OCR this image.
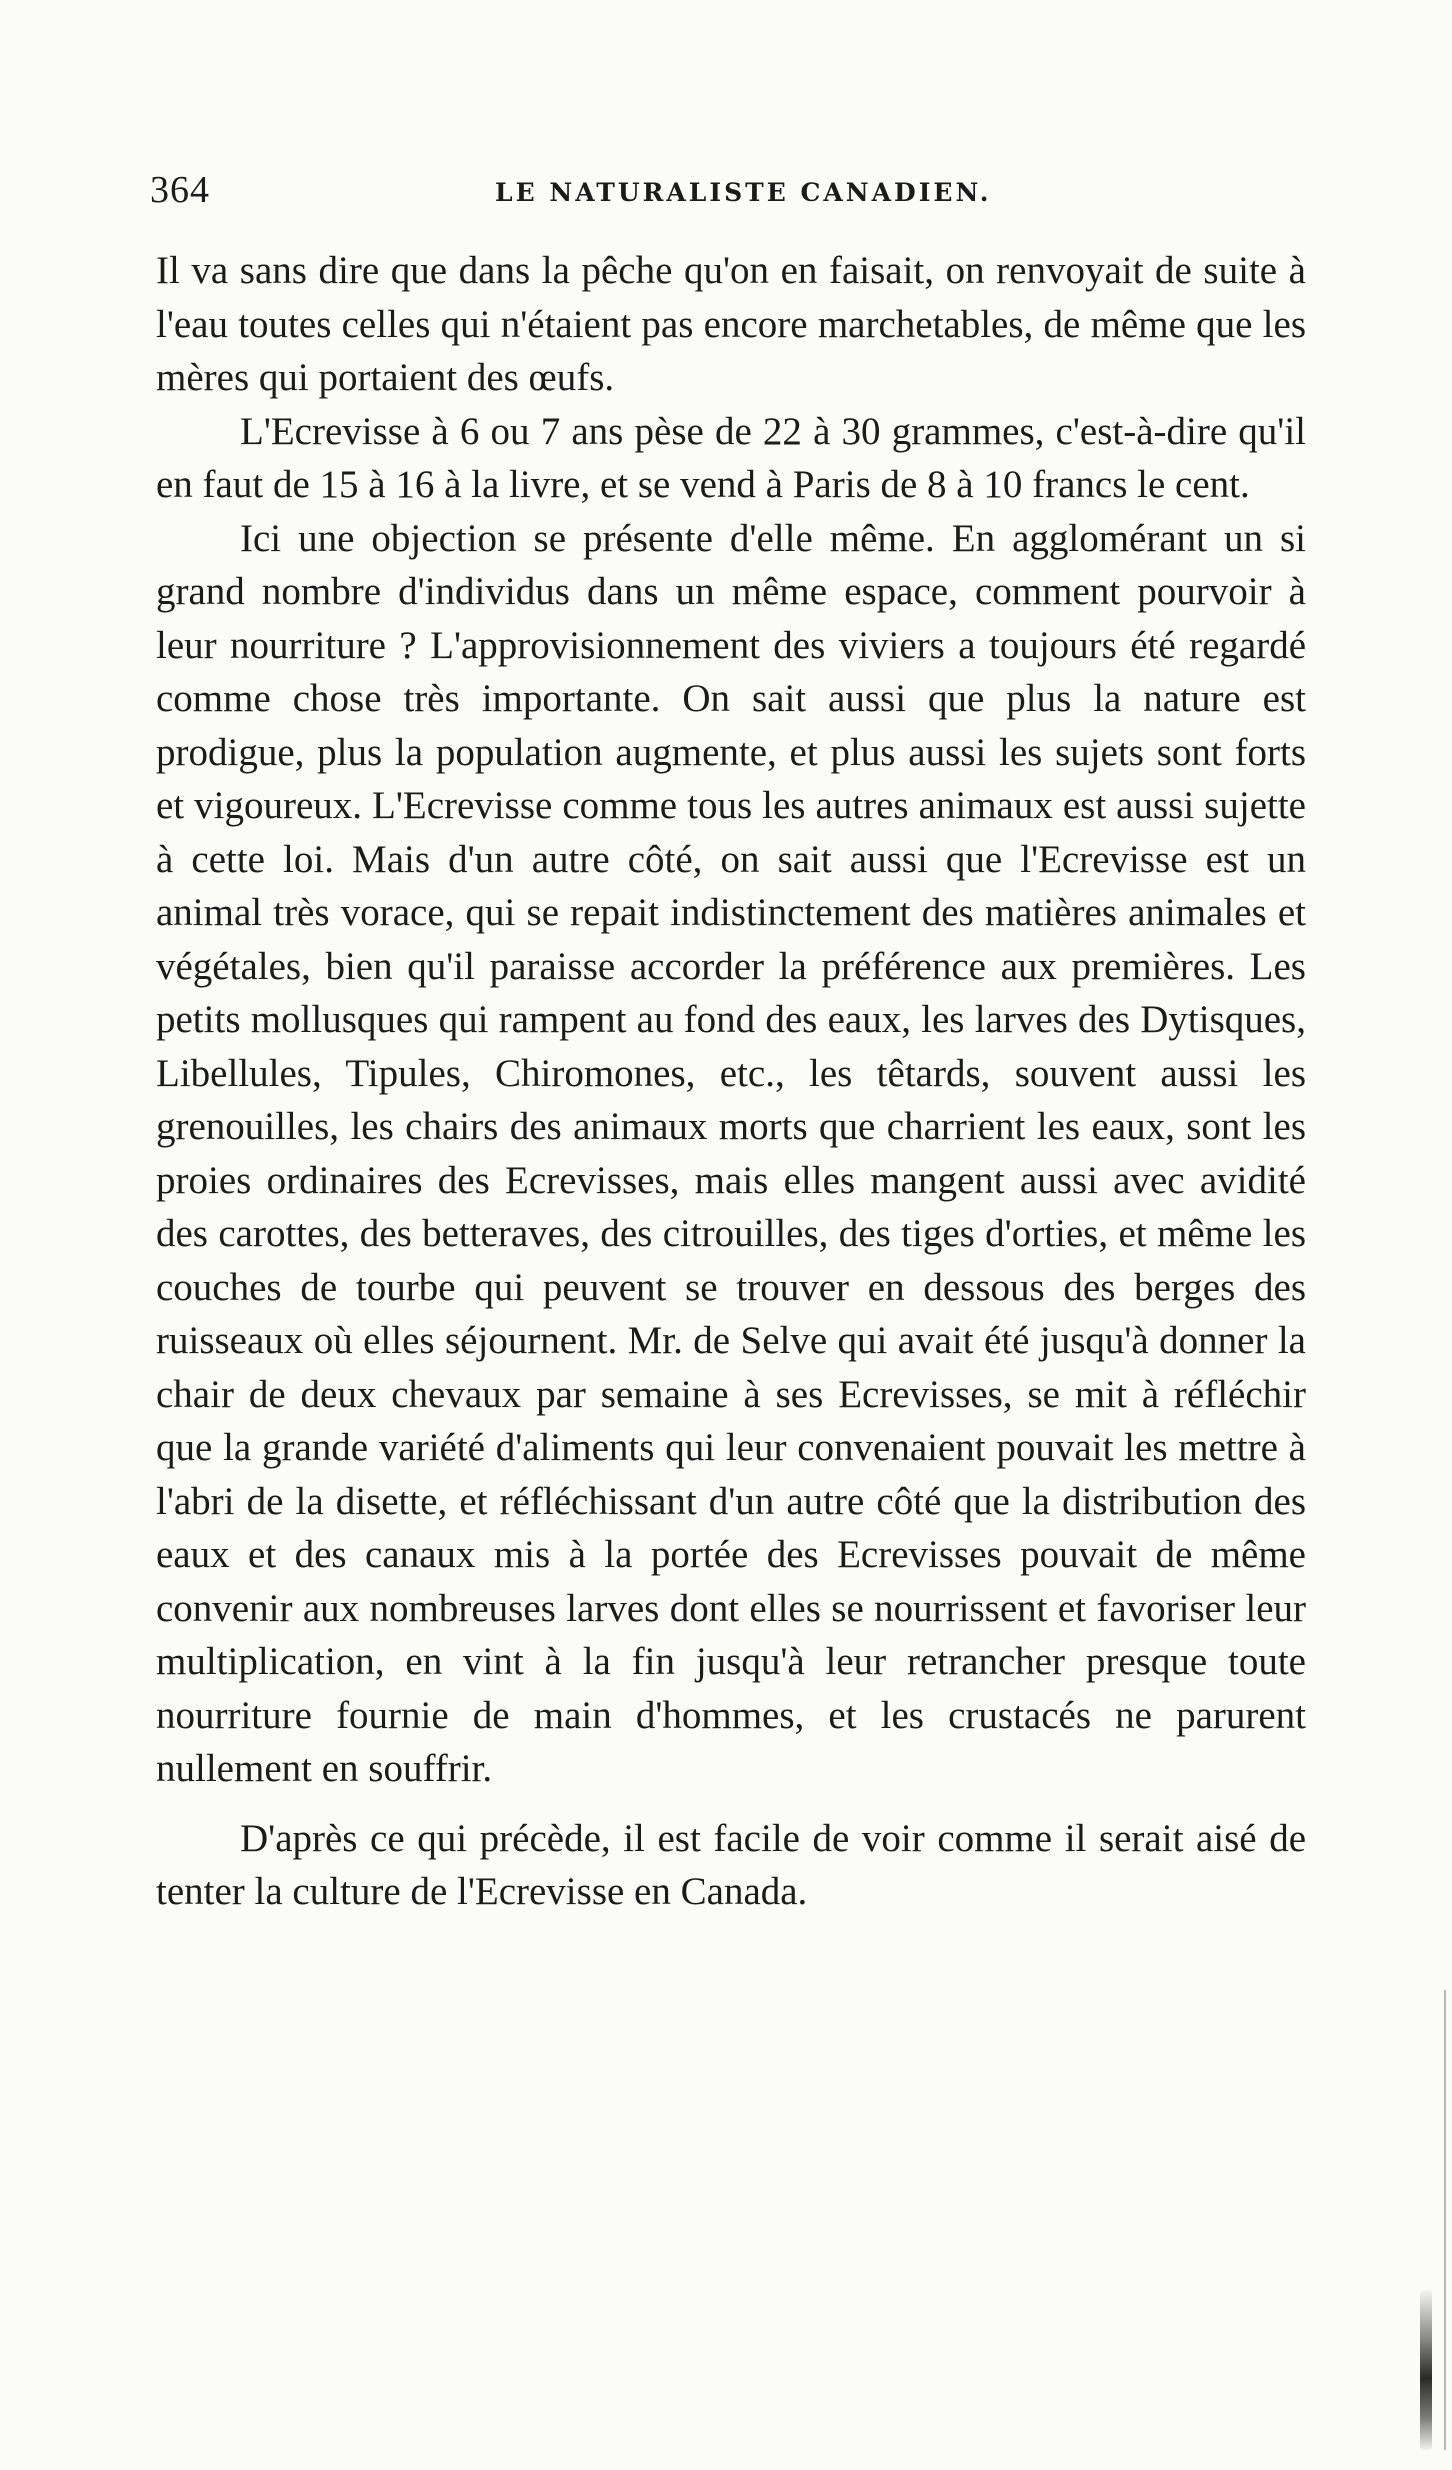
364	LE NATURALISTE CANADIEN.

Il va sans dire que dans la pêche qu'on en faisait, on renvoyait de suite à l'eau toutes celles qui n'étaient pas encore marchetables, de même que les mères qui portaient des œufs.

L'Ecrevisse à 6 ou 7 ans pèse de 22 à 30 grammes, c'est-à-dire qu'il en faut de 15 à 16 à la livre, et se vend à Paris de 8 à 10 francs le cent.

Ici une objection se présente d'elle même. En agglomérant un si grand nombre d'individus dans un même espace, comment pourvoir à leur nourriture ? L'approvisionnement des viviers a toujours été regardé comme chose très importante. On sait aussi que plus la nature est prodigue, plus la population augmente, et plus aussi les sujets sont forts et vigoureux. L'Ecrevisse comme tous les autres animaux est aussi sujette à cette loi. Mais d'un autre côté, on sait aussi que l'Ecrevisse est un animal très vorace, qui se repait indistinctement des matières animales et végétales, bien qu'il paraisse accorder la préférence aux premières. Les petits mollusques qui rampent au fond des eaux, les larves des Dytisques, Libellules, Tipules, Chiromones, etc., les têtards, souvent aussi les grenouilles, les chairs des animaux morts que charrient les eaux, sont les proies ordinaires des Ecrevisses, mais elles mangent aussi avec avidité des carottes, des betteraves, des citrouilles, des tiges d'orties, et même les couches de tourbe qui peuvent se trouver en dessous des berges des ruisseaux où elles séjournent. Mr. de Selve qui avait été jusqu'à donner la chair de deux chevaux par semaine à ses Ecrevisses, se mit à réfléchir que la grande variété d'aliments qui leur convenaient pouvait les mettre à l'abri de la disette, et réfléchissant d'un autre côté que la distribution des eaux et des canaux mis à la portée des Ecrevisses pouvait de même convenir aux nombreuses larves dont elles se nourrissent et favoriser leur multiplication, en vint à la fin jusqu'à leur retrancher presque toute nourriture fournie de main d'hommes, et les crustacés ne parurent nullement en souffrir.

D'après ce qui précède, il est facile de voir comme il serait aisé de tenter la culture de l'Ecrevisse en Canada.
